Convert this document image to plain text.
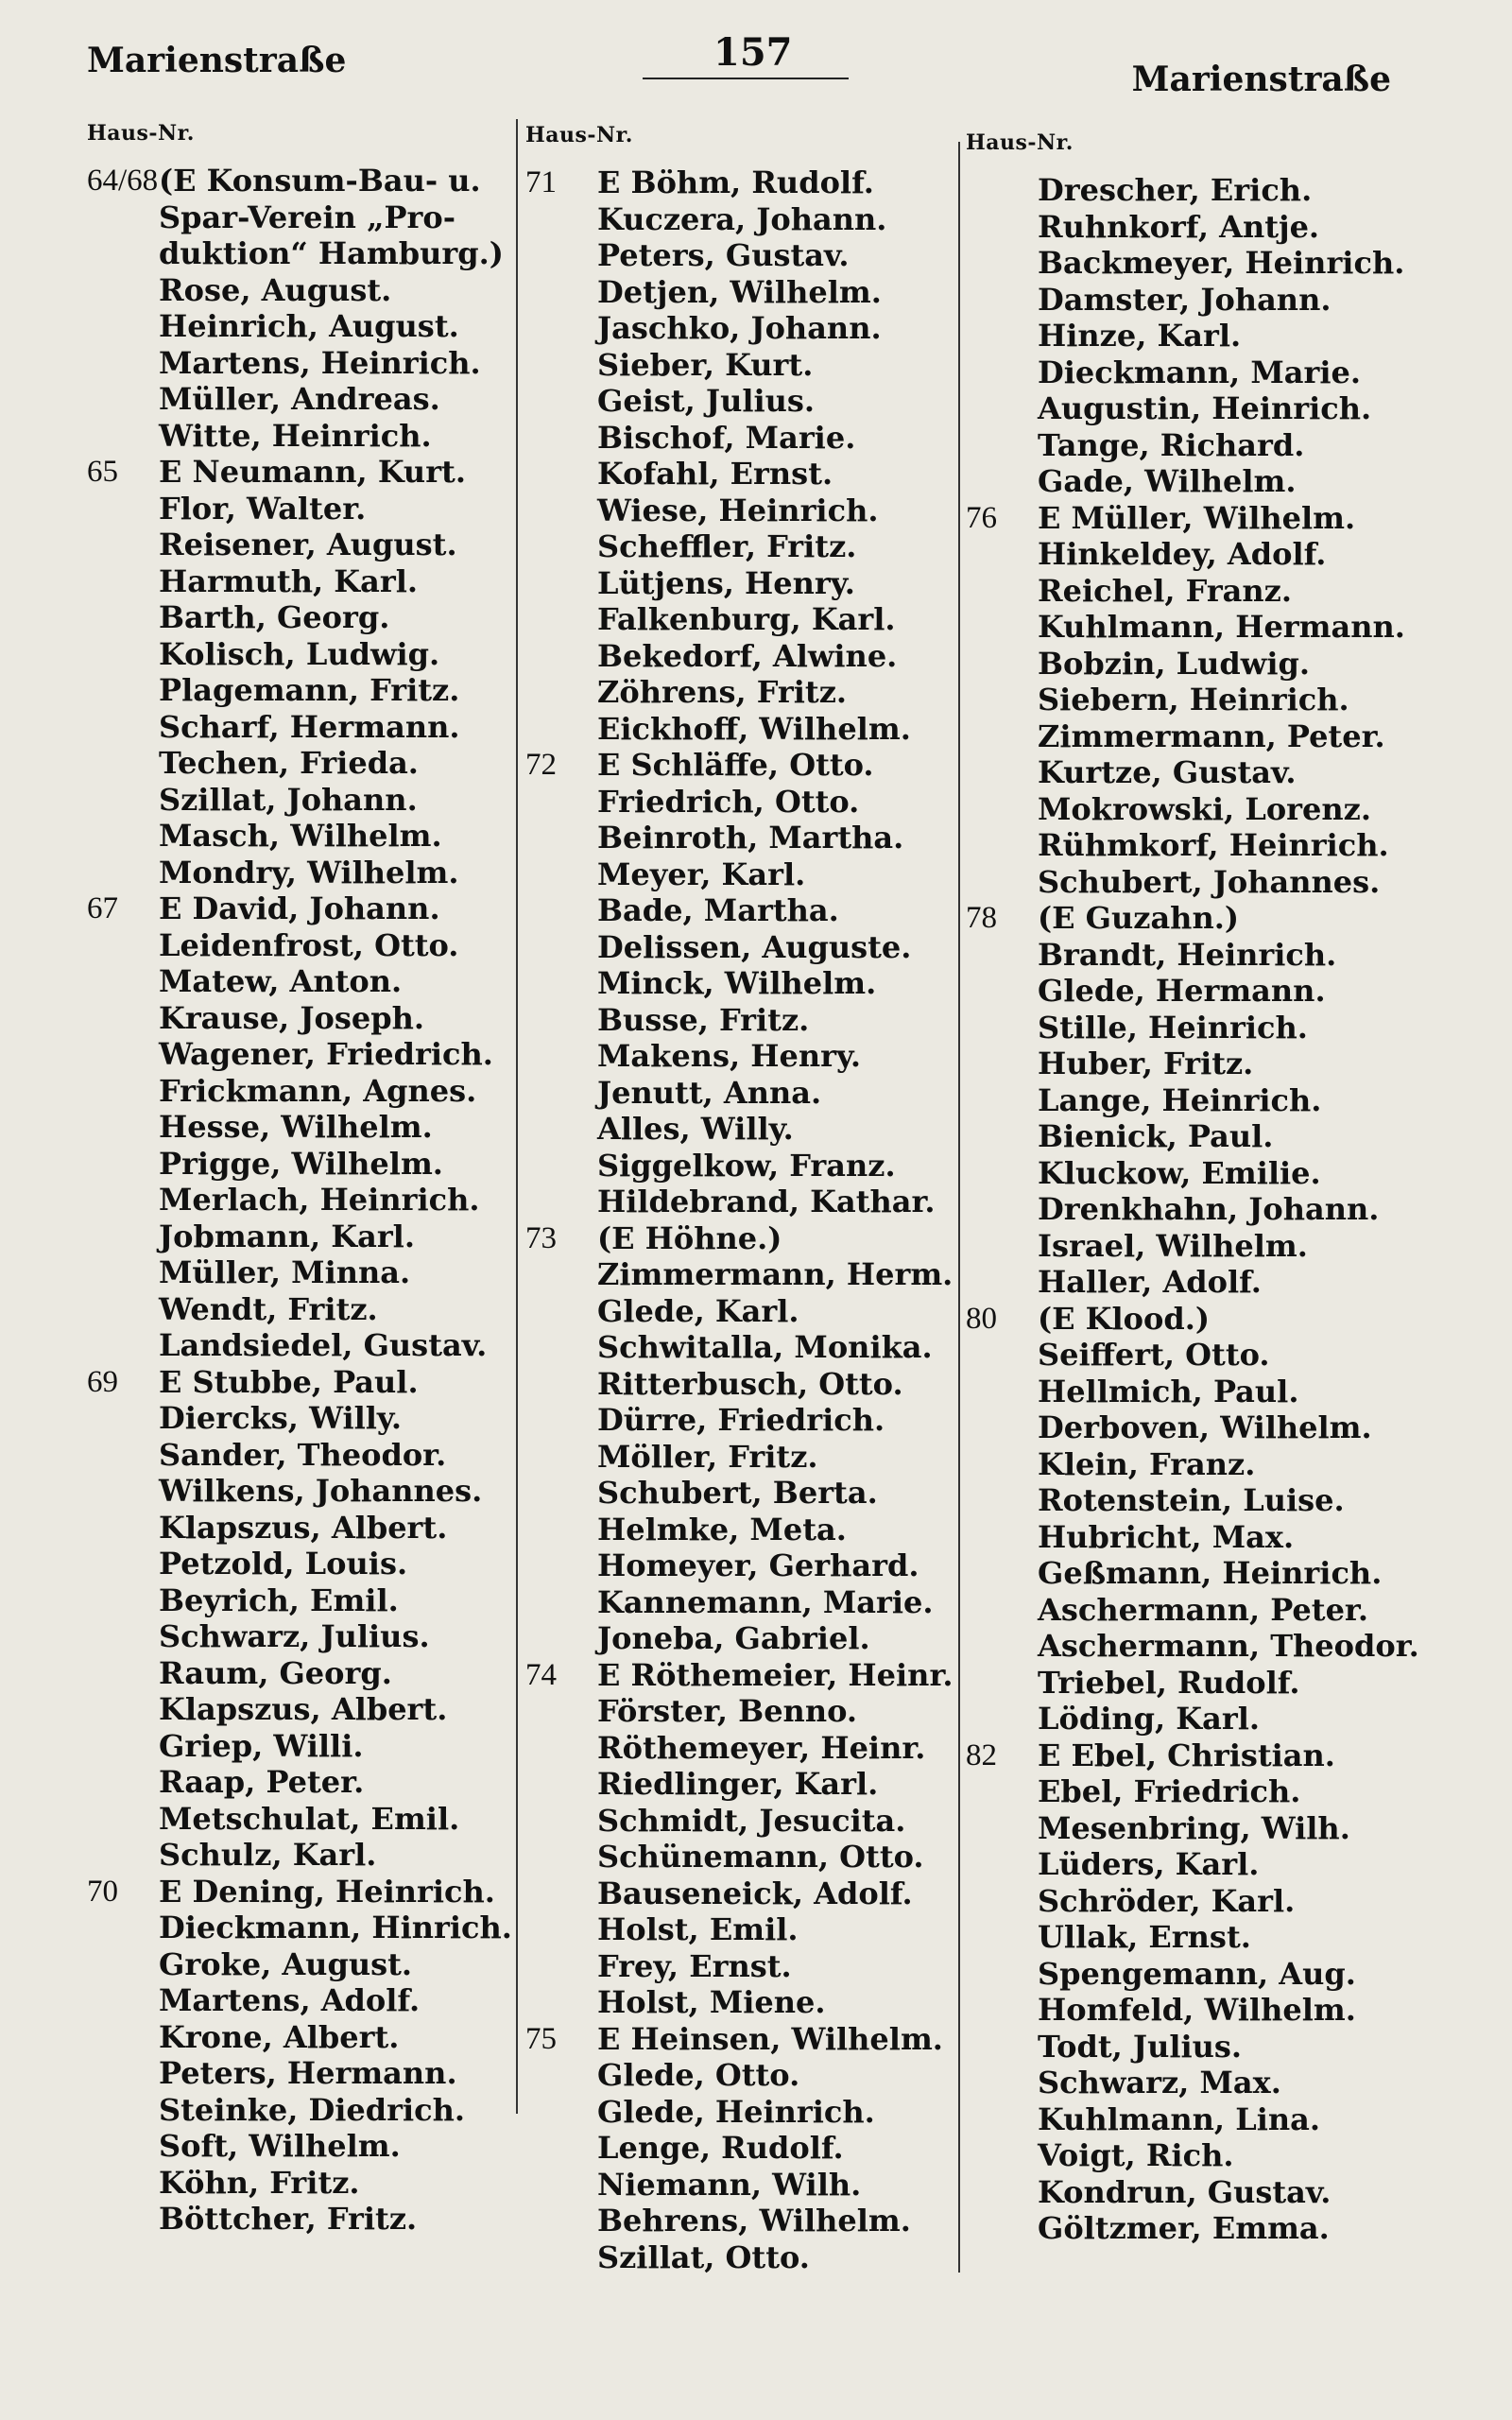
Marienstraße	157
Marienstraße
Haus-Nr.
64/68 (E Konsum-Bau- u.
Spar-Verein „Pro-
duktion“ Hamburg.)
Rose, August.
Heinrich, August.
Martens, Heinrich.
Müller, Andreas.
Witte, Heinrich.
65 E Neumann, Kurt.
Flor, Walter.
Reisener, August.
Harmuth, Karl.
Barth, Georg.
Kolisch, Ludwig.
Plagemann, Fritz.
Scharf, Hermann.
Techen, Frieda.
Szillat, Johann.
Masch, Wilhelm.
Mondry, Wilhelm.
67 E David, Johann.
Leidenfrost, Otto.
Matew, Anton.
Krause, Joseph.
Wagener, Friedrich.
Frickmann, Agnes.
Hesse, Wilhelm.
Prigge, Wilhelm.
Merlach, Heinrich.
Jobmann, Karl.
Müller, Minna.
Wendt, Fritz.
Landsiedel, Gustav.
69 E Stubbe, Paul.
Diercks, Willy.
Sander, Theodor.
Wilkens, Johannes.
Klapszus, Albert.
Petzold, Louis.
Beyrich, Emil.
Schwarz, Julius.
Raum, Georg.
Klapszus, Albert.
Griep, Willi.
Raap, Peter.
Metschulat, Emil.
Schulz, Karl.
70 E Dening, Heinrich.
Dieckmann, Hinrich.
Groke, August.
Martens, Adolf.
Krone, Albert.
Peters, Hermann.
Steinke, Diedrich.
Soft, Wilhelm.
Köhn, Fritz.
Böttcher, Fritz.
Haus-Nr.
71 E Böhm, Rudolf.
Kuczera, Johann.
Peters, Gustav.
Detjen, Wilhelm.
Jaschko, Johann.
Sieber, Kurt.
Geist, Julius.
Bischof, Marie.
Kofahl, Ernst.
Wiese, Heinrich.
Scheffler, Fritz.
Lütjens, Henry.
Falkenburg, Karl.
Bekedorf, Alwine.
Zöhrens, Fritz.
Eickhoff, Wilhelm.
72 E Schläffe, Otto.
Friedrich, Otto.
Beinroth, Martha.
Meyer, Karl.
Bade, Martha.
Delissen, Auguste.
Minck, Wilhelm.
Busse, Fritz.
Makens, Henry.
Jenutt, Anna.
Alles, Willy.
Siggelkow, Franz.
Hildebrand, Kathar.
73 (E Höhne.)
Zimmermann, Herm.
Glede, Karl.
Schwitalla, Monika.
Ritterbusch, Otto.
Dürre, Friedrich.
Möller, Fritz.
Schubert, Berta.
Helmke, Meta.
Homeyer, Gerhard.
Kannemann, Marie.
Joneba, Gabriel.
74 E Röthemeier, Heinr.
Förster, Benno.
Röthemeyer, Heinr.
Riedlinger, Karl.
Schmidt, Jesucita.
Schünemann, Otto.
Bauseneick, Adolf.
Holst, Emil.
Frey, Ernst.
Holst, Miene.
75 E Heinsen, Wilhelm.
Glede, Otto.
Glede, Heinrich.
Lenge, Rudolf.
Niemann, Wilh.
Behrens, Wilhelm.
Szillat, Otto.
Haus-Nr.
Drescher, Erich.
Ruhnkorf, Antje.
Backmeyer, Heinrich.
Damster, Johann.
Hinze, Karl.
Dieckmann, Marie.
Augustin, Heinrich.
Tange, Richard.
Gade, Wilhelm.
76 E Müller, Wilhelm.
Hinkeldey, Adolf.
Reichel, Franz.
Kuhlmann, Hermann.
Bobzin, Ludwig.
Siebern, Heinrich.
Zimmermann, Peter.
Kurtze, Gustav.
Mokrowski, Lorenz.
Rühmkorf, Heinrich.
Schubert, Johannes.
78 (E Guzahn.)
Brandt, Heinrich.
Glede, Hermann.
Stille, Heinrich.
Huber, Fritz.
Lange, Heinrich.
Bienick, Paul.
Kluckow, Emilie.
Drenkhahn, Johann.
Israel, Wilhelm.
Haller, Adolf.
80 (E Klood.)
Seiffert, Otto.
Hellmich, Paul.
Derboven, Wilhelm.
Klein, Franz.
Rotenstein, Luise.
Hubricht, Max.
Geßmann, Heinrich.
Aschermann, Peter.
Aschermann, Theodor.
Triebel, Rudolf.
Löding, Karl.
82 E Ebel, Christian.
Ebel, Friedrich.
Mesenbring, Wilh.
Lüders, Karl.
Schröder, Karl.
Ullak, Ernst.
Spengemann, Aug.
Homfeld, Wilhelm.
Todt, Julius.
Schwarz, Max.
Kuhlmann, Lina.
Voigt, Rich.
Kondrun, Gustav.
Göltzmer, Emma.
